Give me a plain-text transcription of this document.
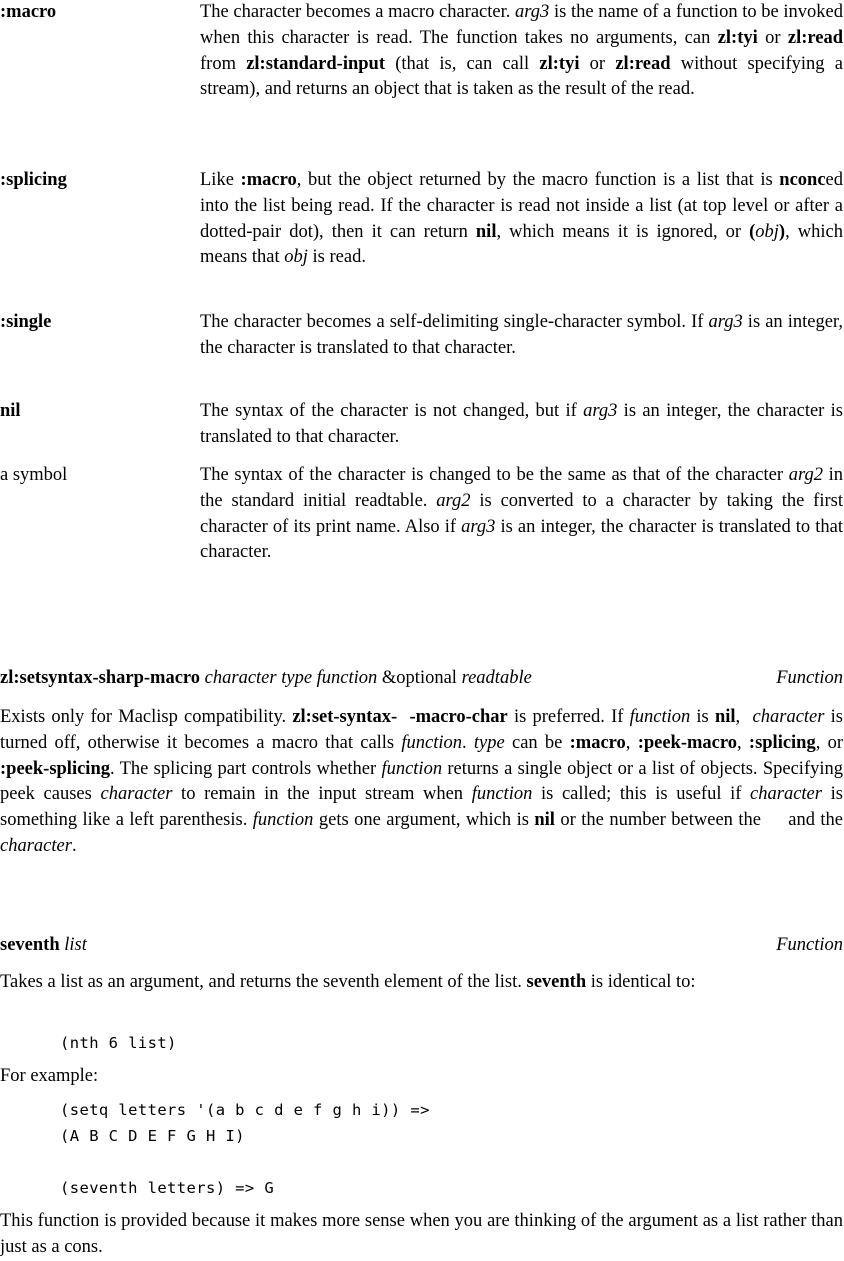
:macro	The character becomes a macro character. arg3 is the name of a function to be invoked when this character is read. The function takes no arguments, can zl:tyi or zl:read from zl:standard-input (that is, can call zl:tyi or zl:read without specifying a stream), and returns an object that is taken as the result of the read.
:splicing	Like :macro, but the object returned by the macro function is a list that is nconced into the list being read. If the character is read not inside a list (at top level or after a dotted-pair dot), then it can return nil, which means it is ignored, or (obj), which means that obj is read.
:single	The character becomes a self-delimiting single-character symbol. If arg3 is an integer, the character is translated to that character.
nil	The syntax of the character is not changed, but if arg3 is an integer, the character is translated to that character.
a symbol	The syntax of the character is changed to be the same as that of the character arg2 in the standard initial readtable. arg2 is converted to a character by taking the first character of its print name. Also if arg3 is an integer, the character is translated to that character.
zl:setsyntax-sharp-macro character type function &optional readtable	Function
Exists only for Maclisp compatibility. zl:set-syntax-  -macro-char is preferred. If function is nil,  character is turned off, otherwise it becomes a macro that calls function. type can be :macro, :peek-macro, :splicing, or :peek-splicing. The splicing part controls whether function returns a single object or a list of objects. Specifying peek causes character to remain in the input stream when function is called; this is useful if character is something like a left parenthesis. function gets one argument, which is nil or the number between the     and the character.
seventh list	Function
Takes a list as an argument, and returns the seventh element of the list. seventh is identical to:
(nth 6 list)
For example:
(setq letters '(a b c d e f g h i)) =>
(A B C D E F G H I)

(seventh letters) => G
This function is provided because it makes more sense when you are thinking of the argument as a list rather than just as a cons.
